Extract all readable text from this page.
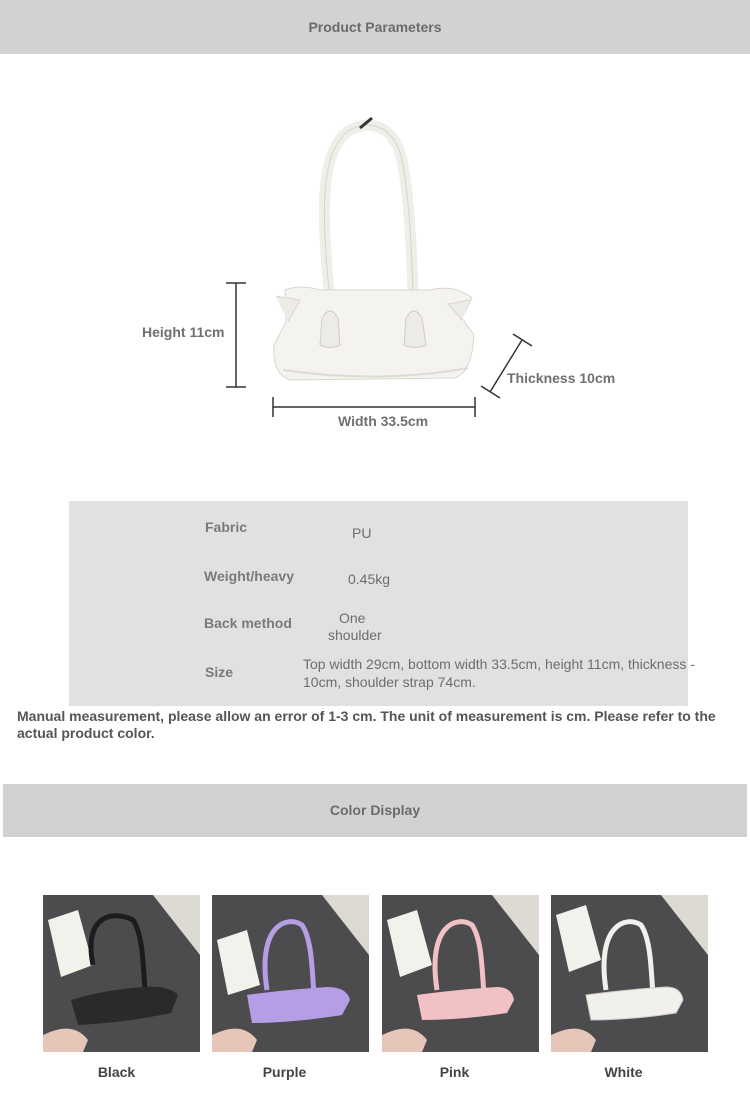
Product Parameters
Height 11cm
Thickness 10cm
Width 33.5cm
Fabric	PU
Weight/heavy	0.45kg
Back method	One
shoulder
Size	Top width 29cm, bottom width 33.5cm, height 11cm, thickness -
10cm, shoulder strap 74cm.
Manual measurement, please allow an error of 1-3 cm. The unit of measurement is cm. Please refer to the actual product color.
Color Display
Black	Purple	Pink	White
